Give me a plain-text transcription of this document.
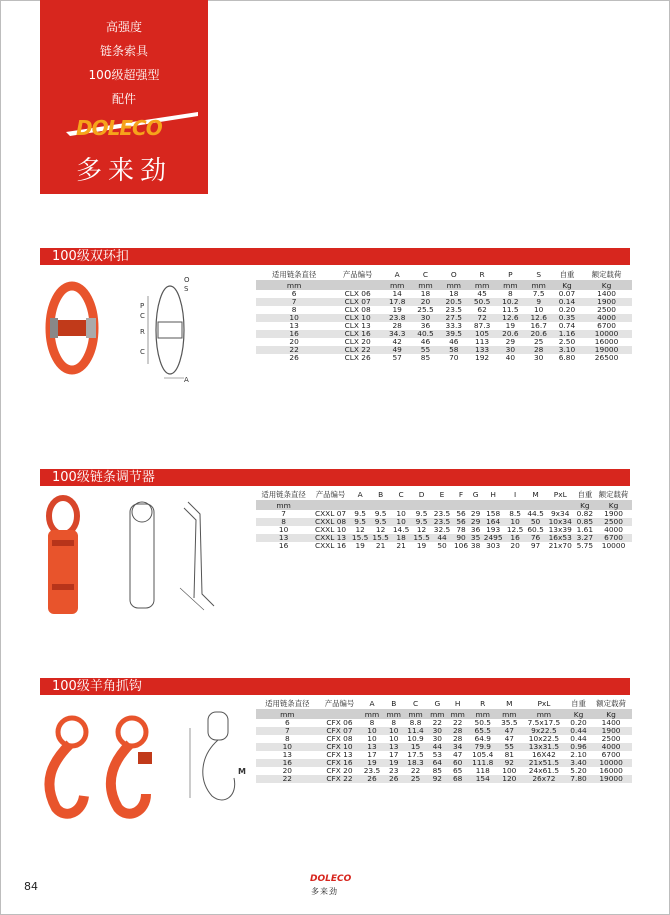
高强度
链条索具
100级超强型
配件
DOLECO
多来劲
100级双环扣
O
S
P
C
R
C
A
适用链条直径	产品编号	A	C	O	R	P	S	自重	额定载荷
mm		mm	mm	mm	mm	mm	mm	Kg	Kg
6	CLX 06	14	18	18	45	8	7.5	0.07	1400
7	CLX 07	17.8	20	20.5	50.5	10.2	9	0.14	1900
8	CLX 08	19	25.5	23.5	62	11.5	10	0.20	2500
10	CLX 10	23.8	30	27.5	72	12.6	12.6	0.35	4000
13	CLX 13	28	36	33.3	87.3	19	16.7	0.74	6700
16	CLX 16	34.3	40.5	39.5	105	20.6	20.6	1.16	10000
20	CLX 20	42	46	46	113	29	25	2.50	16000
22	CLX 22	49	55	58	133	30	28	3.10	19000
26	CLX 26	57	85	70	192	40	30	6.80	26500
100级链条调节器
适用链条直径	产品编号	A	B	C	D	E	F	G	H	I	M	PxL	自重	额定载荷
mm													Kg	Kg
7	CXXL 07	9.5	9.5	10	9.5	23.5	56	29	158	8.5	44.5	9x34	0.82	1900
8	CXXL 08	9.5	9.5	10	9.5	23.5	56	29	164	10	50	10x34	0.85	2500
10	CXXL 10	12	12	14.5	12	32.5	78	36	193	12.5	60.5	13x39	1.61	4000
13	CXXL 13	15.5	15.5	18	15.5	44	90	35	2495	16	76	16x53	3.27	6700
16	CXXL 16	19	21	21	19	50	106	38	303	20	97	21x70	5.75	10000
100级羊角抓钩
M
适用链条直径	产品编号	A	B	C	G	H	R	M	PxL	自重	额定载荷
mm		mm	mm	mm	mm	mm	mm	mm	mm	Kg	Kg
6	CFX 06	8	8	8.8	22	22	50.5	35.5	7.5x17.5	0.20	1400
7	CFX 07	10	10	11.4	30	28	65.5	47	9x22.5	0.44	1900
8	CFX 08	10	10	10.9	30	28	64.9	47	10x22.5	0.44	2500
10	CFX 10	13	13	15	44	34	79.9	55	13x31.5	0.96	4000
13	CFX 13	17	17	17.5	53	47	105.4	81	16X42	2.10	6700
16	CFX 16	19	19	18.3	64	60	111.8	92	21x51.5	3.40	10000
20	CFX 20	23.5	23	22	85	65	118	100	24x61.5	5.20	16000
22	CFX 22	26	26	25	92	68	154	120	26x72	7.80	19000
84
DOLECO
多来劲
